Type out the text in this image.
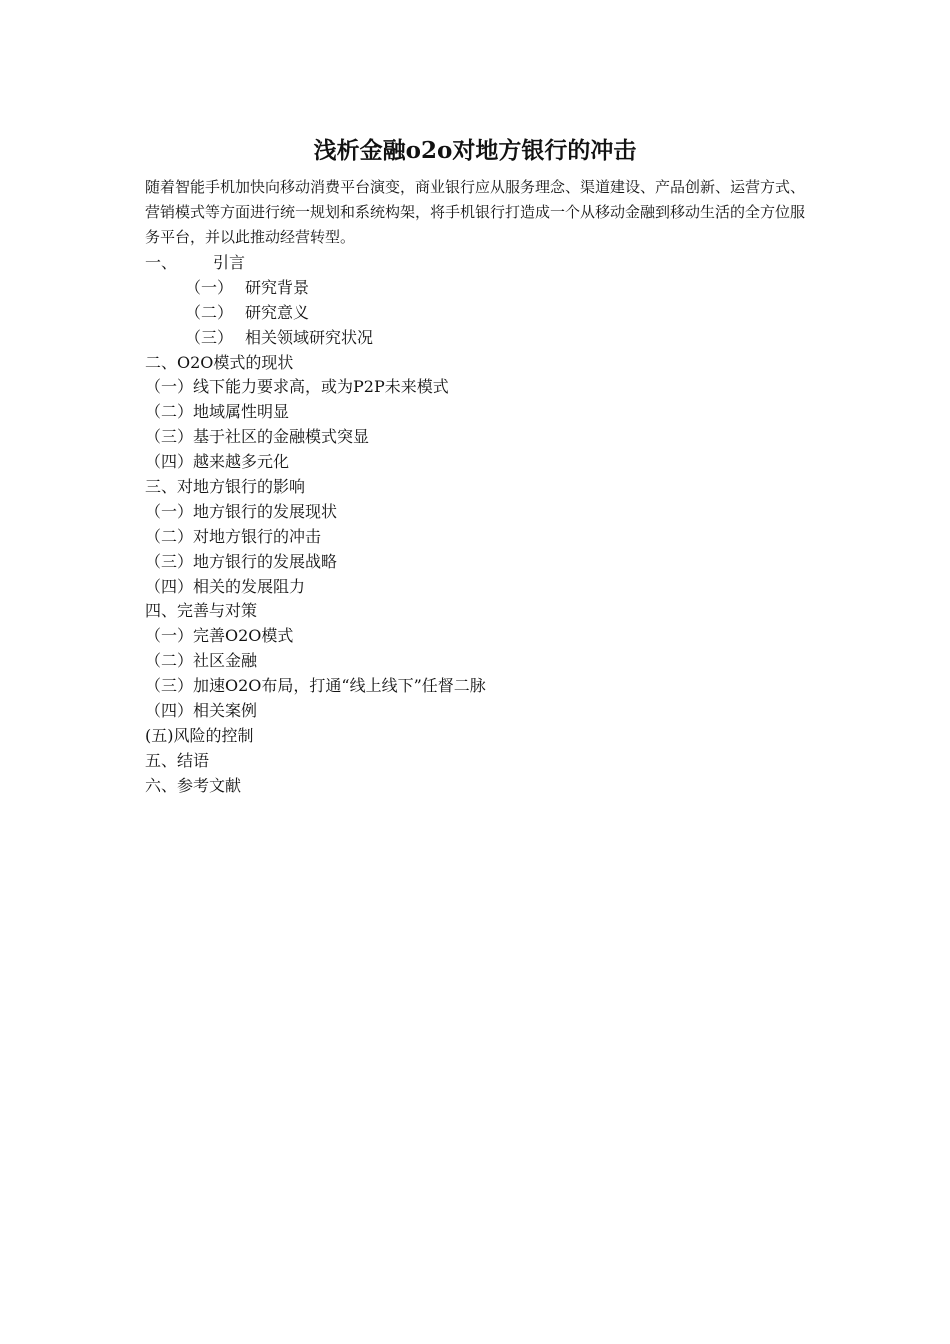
浅析金融o2o对地方银行的冲击

随着智能手机加快向移动消费平台演变，商业银行应从服务理念、渠道建设、产品创新、运营方式、营销模式等方面进行统一规划和系统构架，将手机银行打造成一个从移动金融到移动生活的全方位服务平台，并以此推动经营转型。

一、 引言
（一） 研究背景
（二） 研究意义
（三） 相关领域研究状况
二、O2O模式的现状
（一）线下能力要求高，或为P2P未来模式
（二）地域属性明显
（三）基于社区的金融模式突显
（四）越来越多元化
三、对地方银行的影响
（一）地方银行的发展现状
（二）对地方银行的冲击
（三）地方银行的发展战略
（四）相关的发展阻力
四、完善与对策
（一）完善O2O模式
（二）社区金融
（三）加速O2O布局，打通“线上线下”任督二脉
（四）相关案例
(五)风险的控制
五、结语
六、参考文献
